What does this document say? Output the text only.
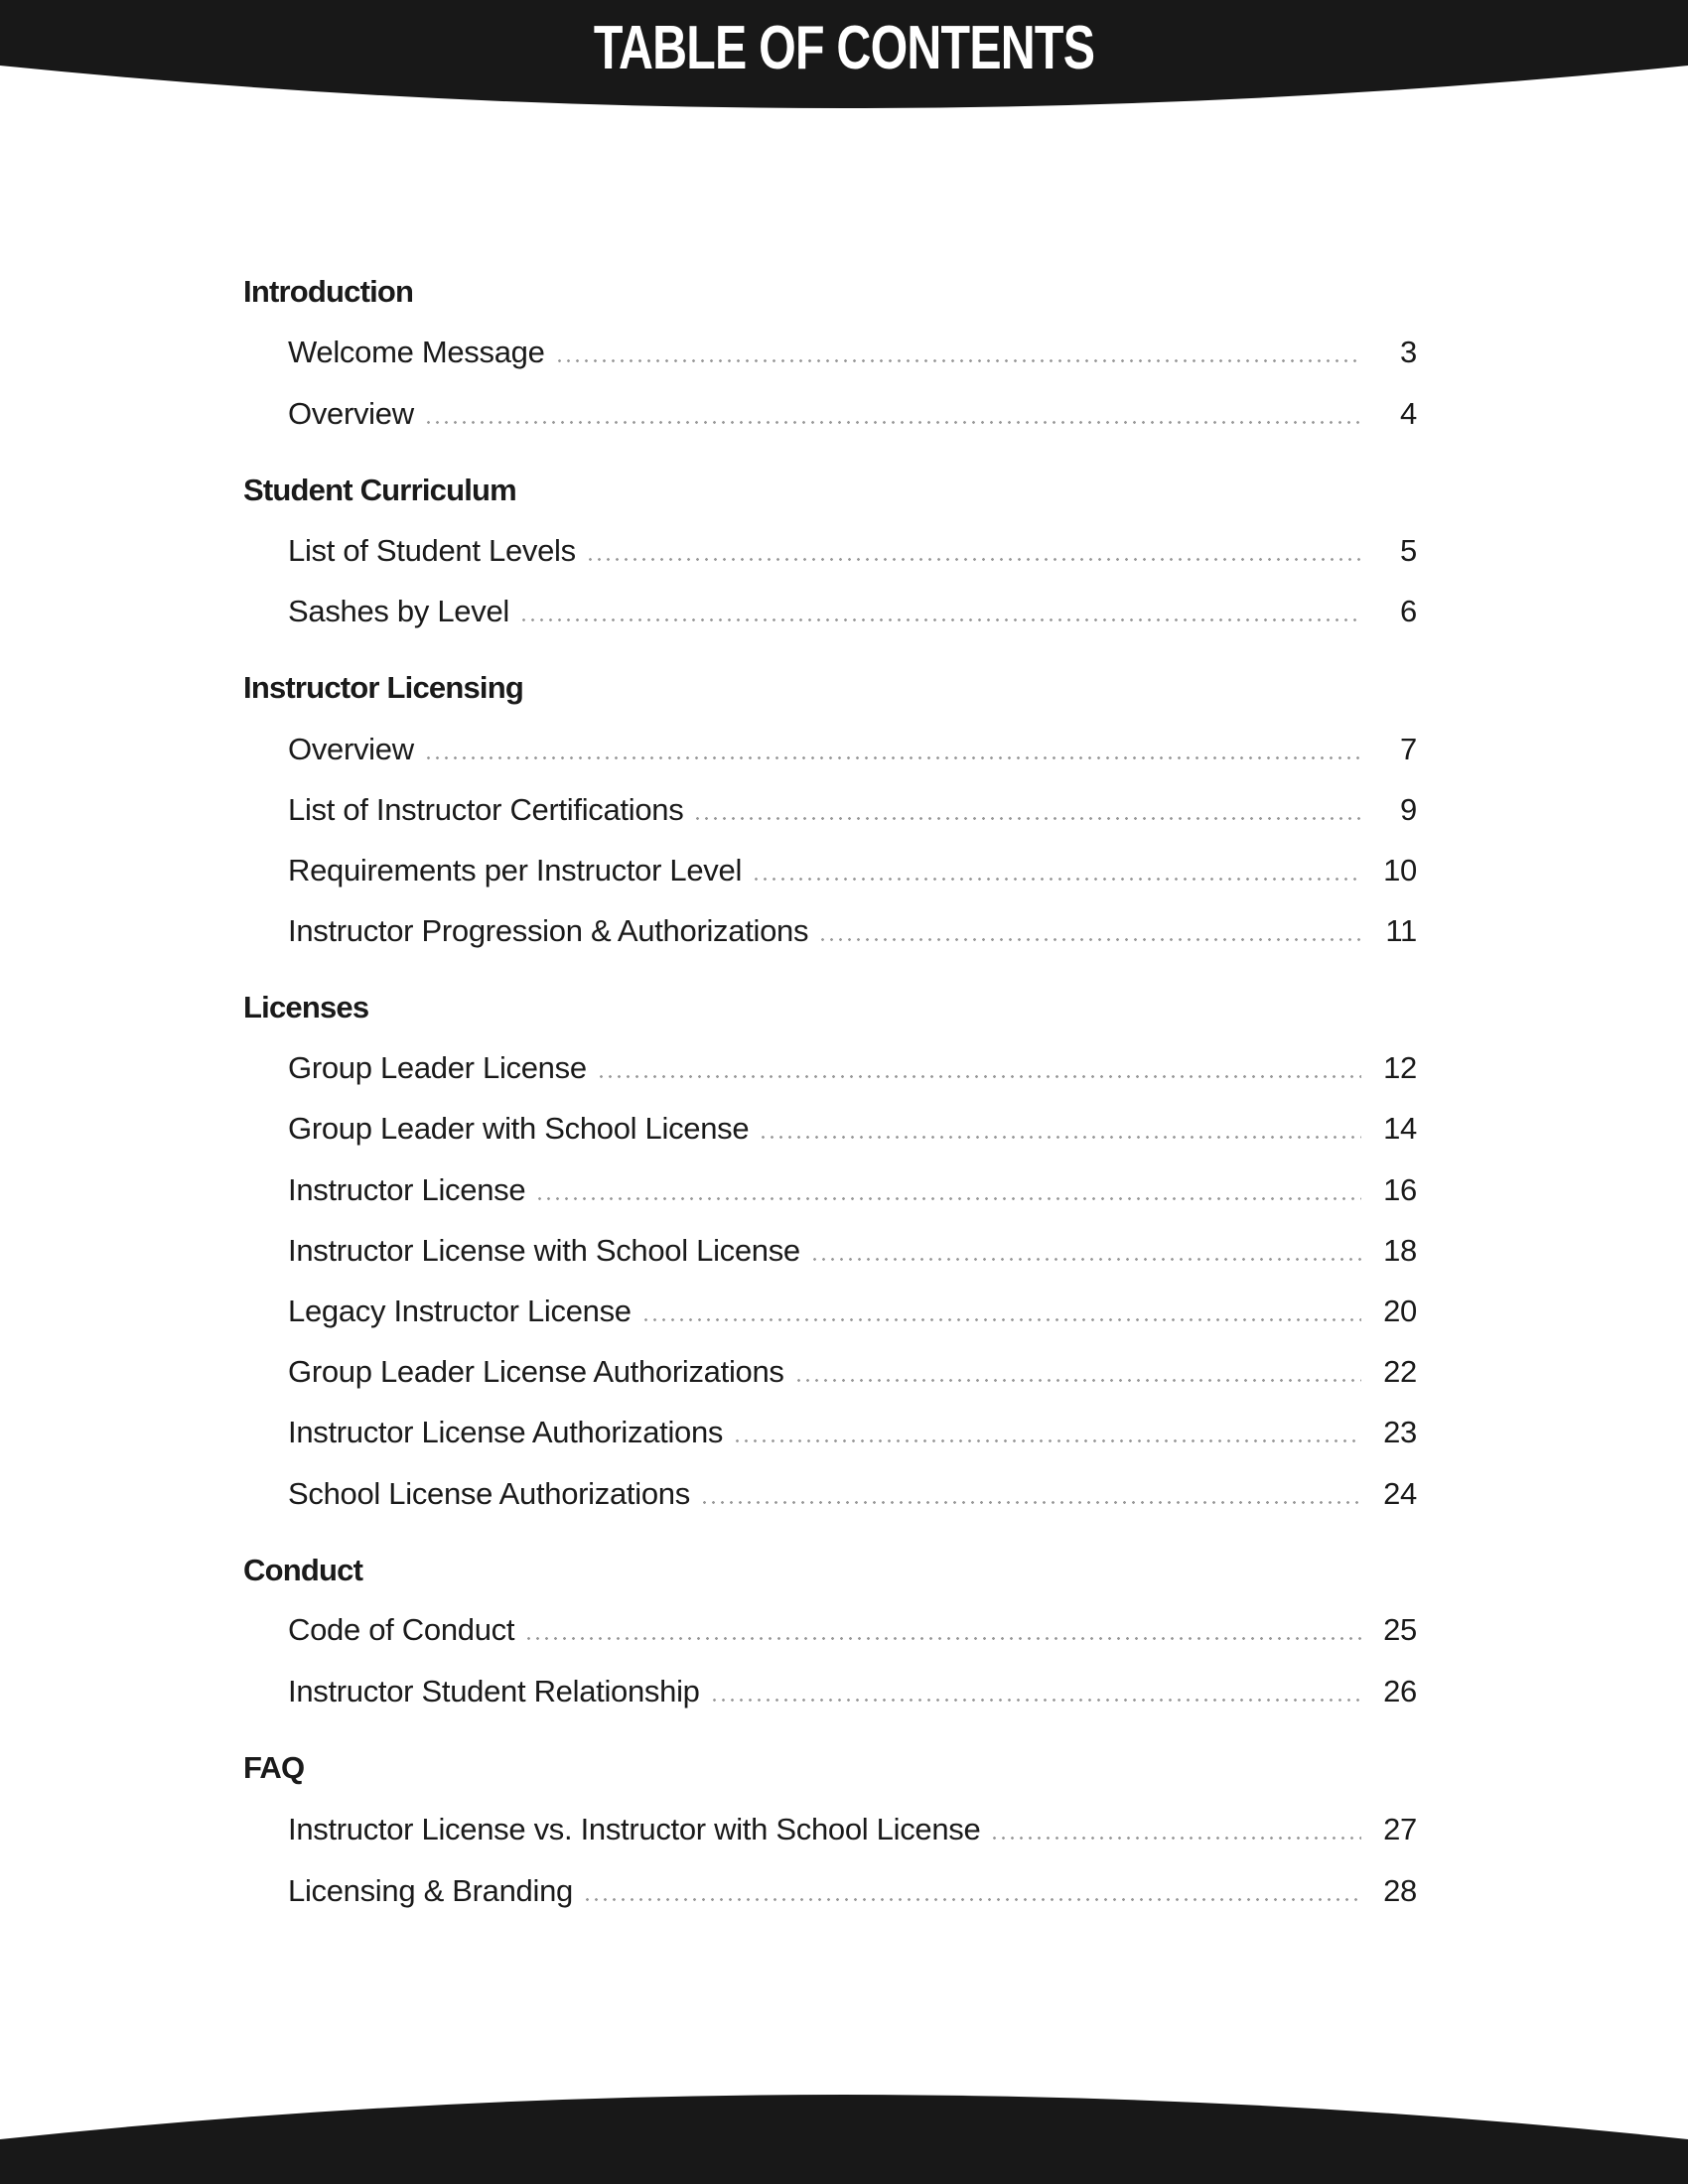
TABLE OF CONTENTS
Introduction
Welcome Message	3
Overview	4
Student Curriculum
List of Student Levels	5
Sashes by Level	6
Instructor Licensing
Overview	7
List of Instructor Certifications	9
Requirements per Instructor Level	10
Instructor Progression & Authorizations	11
Licenses
Group Leader License	12
Group Leader with School License	14
Instructor License	16
Instructor License with School License	18
Legacy Instructor License	20
Group Leader License Authorizations	22
Instructor License Authorizations	23
School License Authorizations	24
Conduct
Code of Conduct	25
Instructor Student Relationship	26
FAQ
Instructor License vs. Instructor with School License	27
Licensing & Branding	28
